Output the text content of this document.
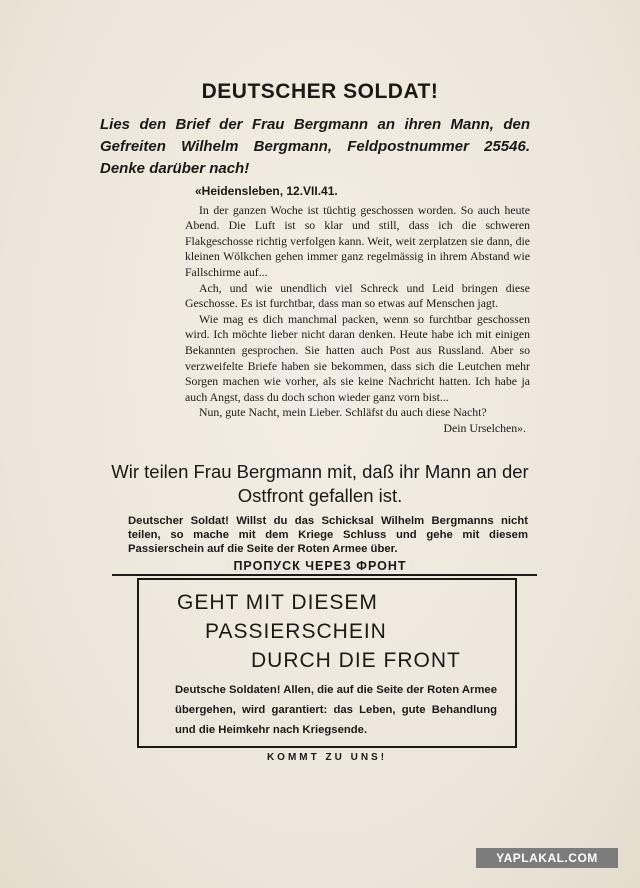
DEUTSCHER SOLDAT!
Lies den Brief der Frau Bergmann an ihren Mann, den Gefreiten Wilhelm Bergmann, Feldpostnummer 25546. Denke darüber nach!
«Heidensleben, 12.VII.41.

In der ganzen Woche ist tüchtig geschossen worden. So auch heute Abend. Die Luft ist so klar und still, dass ich die schweren Flakgeschosse richtig verfolgen kann. Weit, weit zerplatzen sie dann, die kleinen Wölkchen gehen immer ganz regelmässig in ihrem Abstand wie Fallschirme auf...

Ach, und wie unendlich viel Schreck und Leid bringen diese Geschosse. Es ist furchtbar, dass man so etwas auf Menschen jagt.

Wie mag es dich manchmal packen, wenn so furchtbar geschossen wird. Ich möchte lieber nicht daran denken. Heute habe ich mit einigen Bekannten gesprochen. Sie hatten auch Post aus Russland. Aber so verzweifelte Briefe haben sie bekommen, dass sich die Leutchen mehr Sorgen machen wie vorher, als sie keine Nachricht hatten. Ich habe ja auch Angst, dass du doch schon wieder ganz vorn bist...

Nun, gute Nacht, mein Lieber. Schläfst du auch diese Nacht?

Dein Urselchen».

Wir teilen Frau Bergmann mit, daß ihr Mann an der Ostfront gefallen ist.
Deutscher Soldat! Willst du das Schicksal Wilhelm Bergmanns nicht teilen, so mache mit dem Kriege Schluss und gehe mit diesem Passierschein auf die Seite der Roten Armee über.
ПРОПУСК ЧЕРЕЗ ФРОНТ
GEHT MIT DIESEM
PASSIERSCHEIN
DURCH DIE FRONT
Deutsche Soldaten! Allen, die auf die Seite der Roten Armee übergehen, wird garantiert: das Leben, gute Behandlung und die Heimkehr nach Kriegsende.
KOMMT ZU UNS!
YAPLAKAL.COM
